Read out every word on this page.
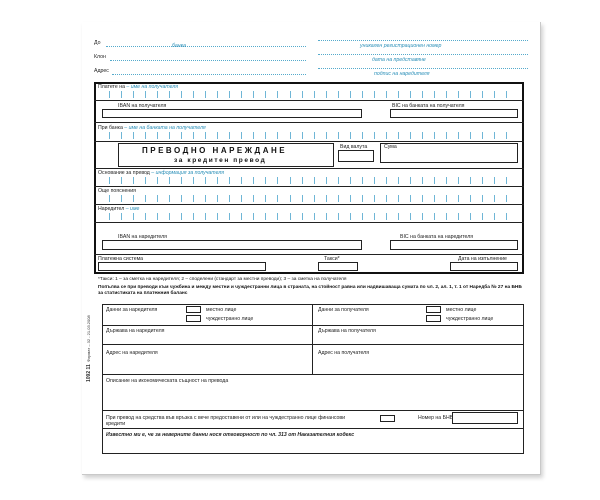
До	банка
Клон
Адрес
уникален регистрационен номер
дата на представяне
подпис на наредителя
Платете на – име на получателя
IBAN на получателя	BIC на банката на получателя
При банка – име на банката на получателя
ПРЕВОДНО НАРЕЖДАНЕ
за кредитен превод
Вид валута	Сума
Основание за превод – информация за получателя
Още пояснения
Наредител – име
IBAN на наредителя	BIC на банката на наредителя
Платежна система	Такси*	Дата на изпълнение
*Такси: 1 – за сметка на наредителя; 2 – споделени (стандарт за местни преводи); 3 – за сметка на получателя
Попълва се при преводи към чужбина и между местни и чуждестранни лица в страната, на стойност равна или надвишаваща сумата по чл. 2, ал. 1, т. 1 от Наредба № 27 на БНБ за статистиката на платежния баланс
Данни за наредителя	местно лице
чуждестранно лице
Данни за получателя	местно лице
чуждестранно лице
Държава на наредителя	Държава на получателя
Адрес на наредителя	Адрес на получателя
Описание на икономическата същност на превода
При превод на средства във връзка с вече предоставени от или на чуждестранно лице финансови кредити
Номер на БНБ
Известно ми е, че за неверните данни нося отговорност по чл. 313 от Наказателния кодекс
1092 11
Формат – 32 - 21.03.2008
